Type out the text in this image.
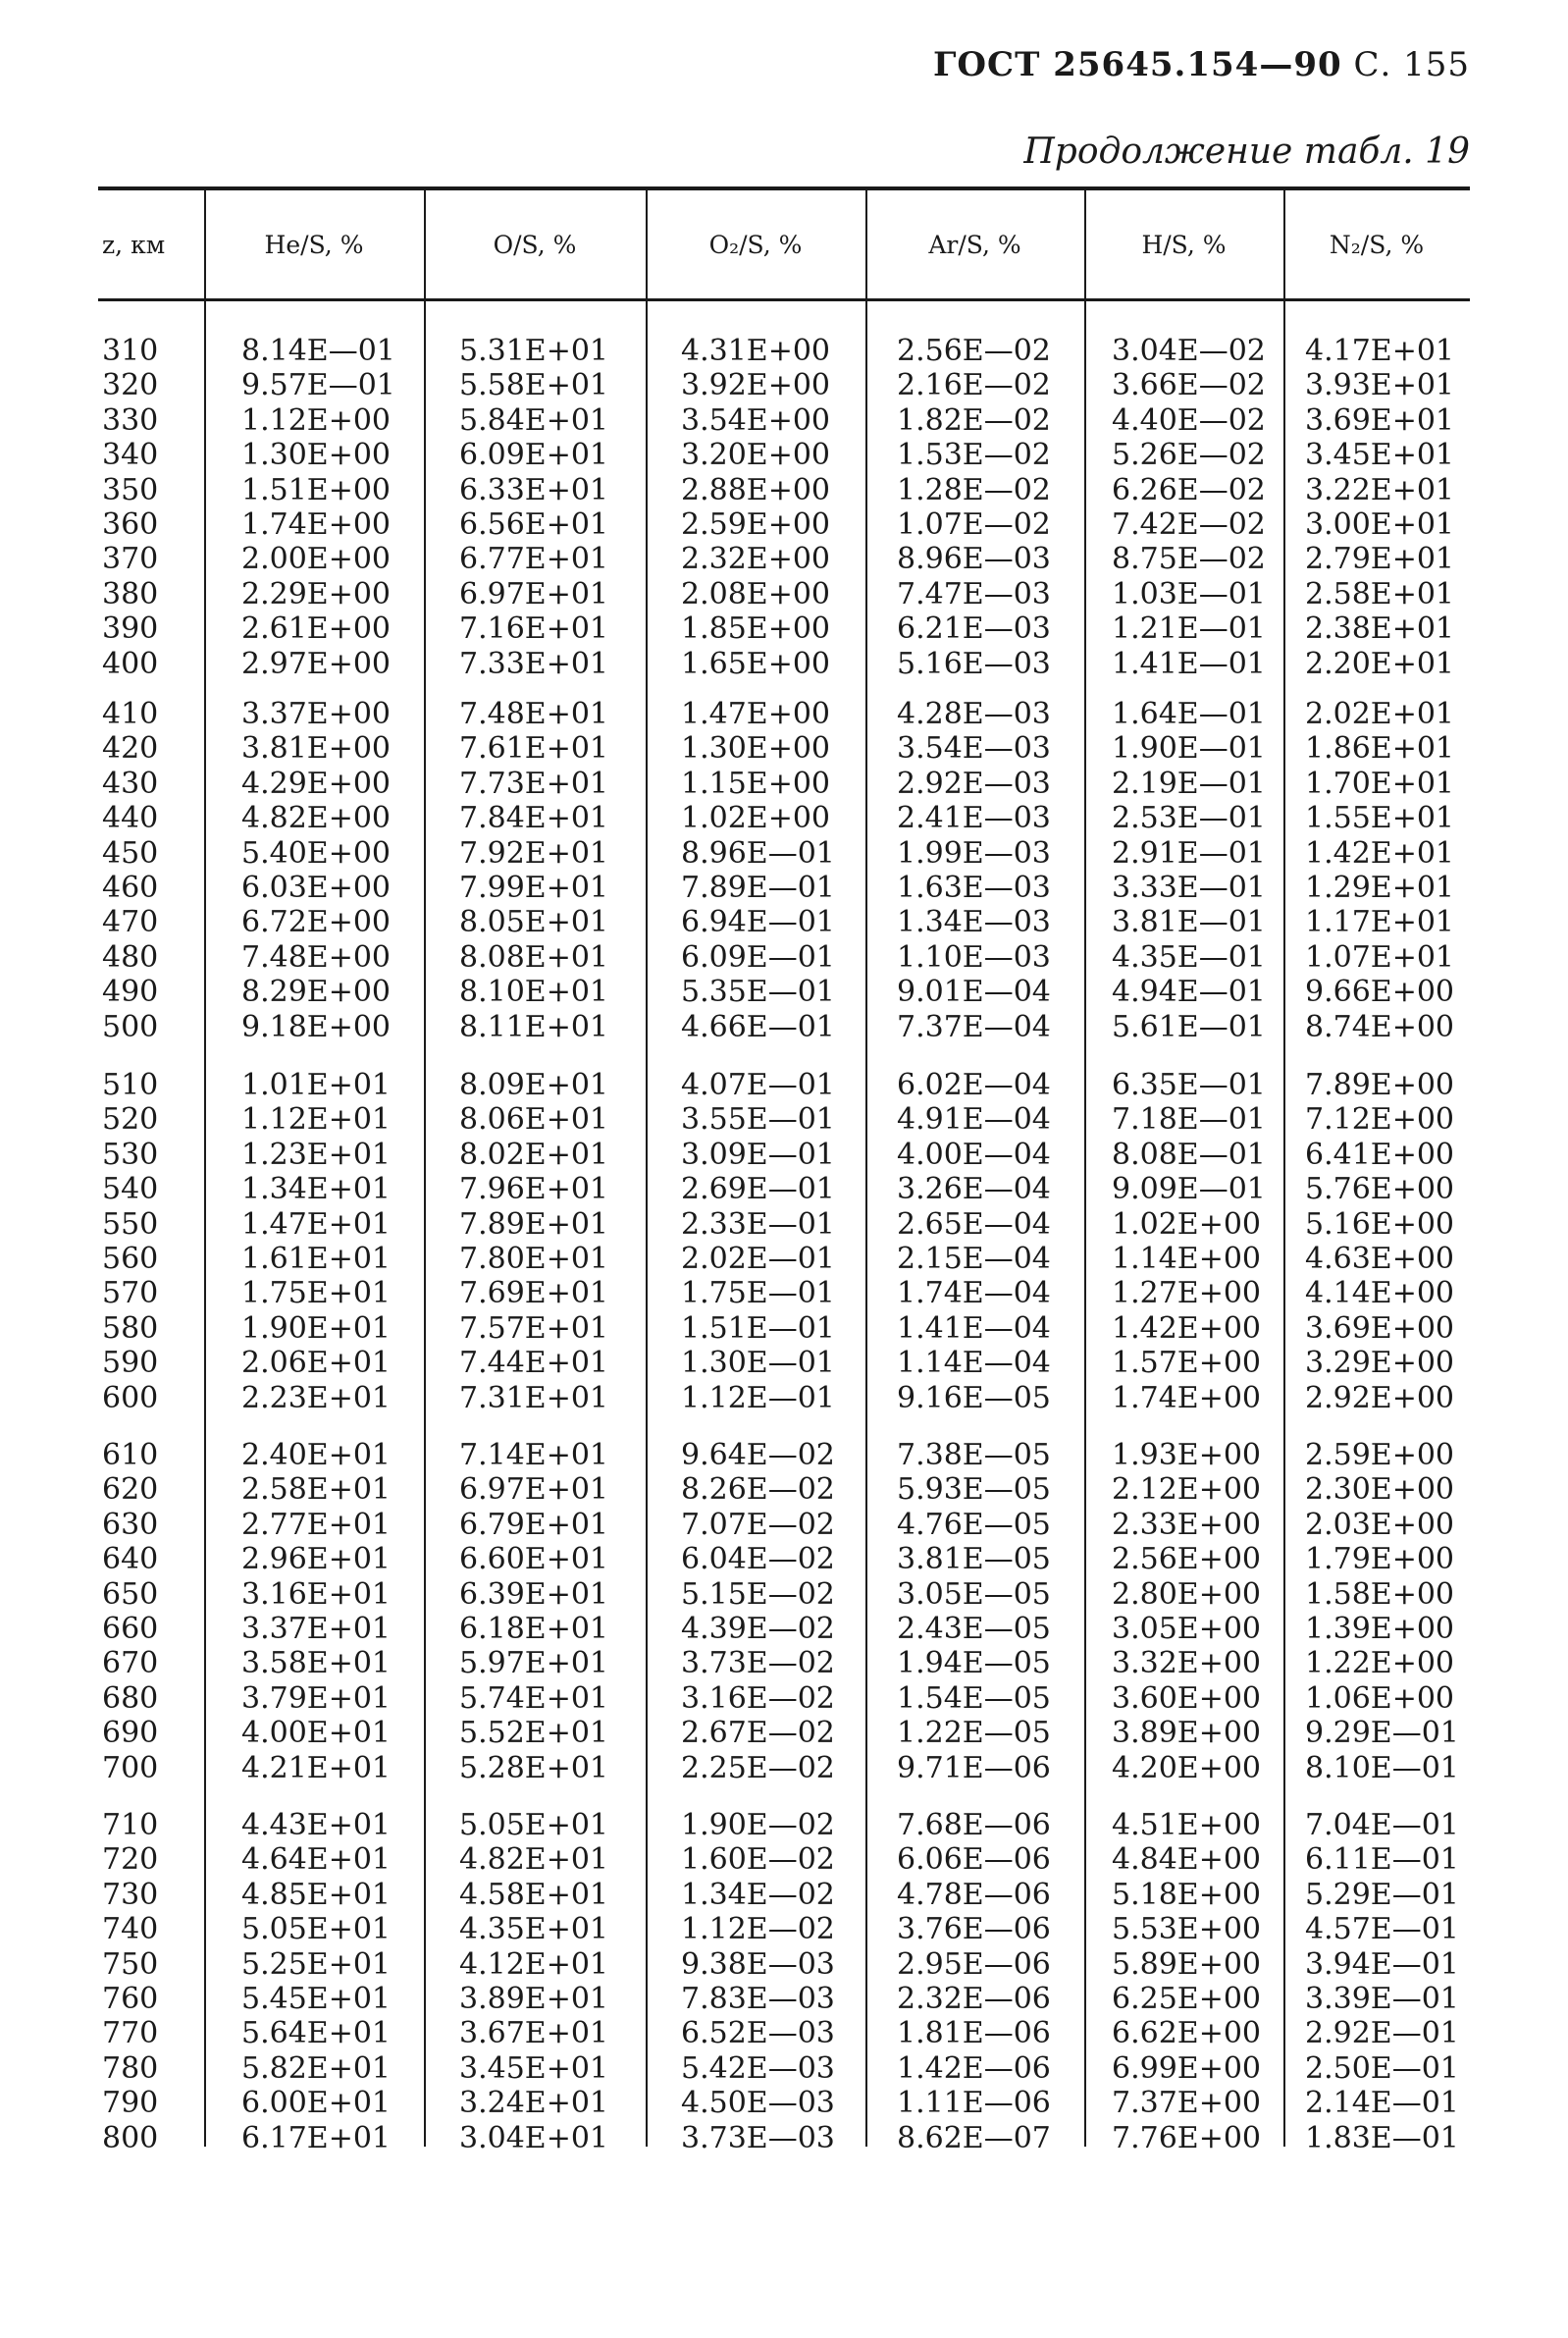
ГОСТ 25645.154—90 С. 155
Продолжение табл. 19
z, км	He/S, %	O/S, %	O₂/S, %	Ar/S, %	H/S, %	N₂/S, %
310	8.14E—01 5.31E+01 4.31E+00 2.56E—02 3.04E—02 4.17E+01
320	9.57E—01 5.58E+01 3.92E+00 2.16E—02 3.66E—02 3.93E+01
330	1.12E+00 5.84E+01 3.54E+00 1.82E—02 4.40E—02 3.69E+01
340	1.30E+00 6.09E+01 3.20E+00 1.53E—02 5.26E—02 3.45E+01
350	1.51E+00 6.33E+01 2.88E+00 1.28E—02 6.26E—02 3.22E+01
360	1.74E+00 6.56E+01 2.59E+00 1.07E—02 7.42E—02 3.00E+01
370	2.00E+00 6.77E+01 2.32E+00 8.96E—03 8.75E—02 2.79E+01
380	2.29E+00 6.97E+01 2.08E+00 7.47E—03 1.03E—01 2.58E+01
390	2.61E+00 7.16E+01 1.85E+00 6.21E—03 1.21E—01 2.38E+01
400	2.97E+00 7.33E+01 1.65E+00 5.16E—03 1.41E—01 2.20E+01
410	3.37E+00 7.48E+01 1.47E+00 4.28E—03 1.64E—01 2.02E+01
420	3.81E+00 7.61E+01 1.30E+00 3.54E—03 1.90E—01 1.86E+01
430	4.29E+00 7.73E+01 1.15E+00 2.92E—03 2.19E—01 1.70E+01
440	4.82E+00 7.84E+01 1.02E+00 2.41E—03 2.53E—01 1.55E+01
450	5.40E+00 7.92E+01 8.96E—01 1.99E—03 2.91E—01 1.42E+01
460	6.03E+00 7.99E+01 7.89E—01 1.63E—03 3.33E—01 1.29E+01
470	6.72E+00 8.05E+01 6.94E—01 1.34E—03 3.81E—01 1.17E+01
480	7.48E+00 8.08E+01 6.09E—01 1.10E—03 4.35E—01 1.07E+01
490	8.29E+00 8.10E+01 5.35E—01 9.01E—04 4.94E—01 9.66E+00
500	9.18E+00 8.11E+01 4.66E—01 7.37E—04 5.61E—01 8.74E+00
510	1.01E+01 8.09E+01 4.07E—01 6.02E—04 6.35E—01 7.89E+00
520	1.12E+01 8.06E+01 3.55E—01 4.91E—04 7.18E—01 7.12E+00
530	1.23E+01 8.02E+01 3.09E—01 4.00E—04 8.08E—01 6.41E+00
540	1.34E+01 7.96E+01 2.69E—01 3.26E—04 9.09E—01 5.76E+00
550	1.47E+01 7.89E+01 2.33E—01 2.65E—04 1.02E+00 5.16E+00
560	1.61E+01 7.80E+01 2.02E—01 2.15E—04 1.14E+00 4.63E+00
570	1.75E+01 7.69E+01 1.75E—01 1.74E—04 1.27E+00 4.14E+00
580	1.90E+01 7.57E+01 1.51E—01 1.41E—04 1.42E+00 3.69E+00
590	2.06E+01 7.44E+01 1.30E—01 1.14E—04 1.57E+00 3.29E+00
600	2.23E+01 7.31E+01 1.12E—01 9.16E—05 1.74E+00 2.92E+00
610	2.40E+01 7.14E+01 9.64E—02 7.38E—05 1.93E+00 2.59E+00
620	2.58E+01 6.97E+01 8.26E—02 5.93E—05 2.12E+00 2.30E+00
630	2.77E+01 6.79E+01 7.07E—02 4.76E—05 2.33E+00 2.03E+00
640	2.96E+01 6.60E+01 6.04E—02 3.81E—05 2.56E+00 1.79E+00
650	3.16E+01 6.39E+01 5.15E—02 3.05E—05 2.80E+00 1.58E+00
660	3.37E+01 6.18E+01 4.39E—02 2.43E—05 3.05E+00 1.39E+00
670	3.58E+01 5.97E+01 3.73E—02 1.94E—05 3.32E+00 1.22E+00
680	3.79E+01 5.74E+01 3.16E—02 1.54E—05 3.60E+00 1.06E+00
690	4.00E+01 5.52E+01 2.67E—02 1.22E—05 3.89E+00 9.29E—01
700	4.21E+01 5.28E+01 2.25E—02 9.71E—06 4.20E+00 8.10E—01
710	4.43E+01 5.05E+01 1.90E—02 7.68E—06 4.51E+00 7.04E—01
720	4.64E+01 4.82E+01 1.60E—02 6.06E—06 4.84E+00 6.11E—01
730	4.85E+01 4.58E+01 1.34E—02 4.78E—06 5.18E+00 5.29E—01
740	5.05E+01 4.35E+01 1.12E—02 3.76E—06 5.53E+00 4.57E—01
750	5.25E+01 4.12E+01 9.38E—03 2.95E—06 5.89E+00 3.94E—01
760	5.45E+01 3.89E+01 7.83E—03 2.32E—06 6.25E+00 3.39E—01
770	5.64E+01 3.67E+01 6.52E—03 1.81E—06 6.62E+00 2.92E—01
780	5.82E+01 3.45E+01 5.42E—03 1.42E—06 6.99E+00 2.50E—01
790	6.00E+01 3.24E+01 4.50E—03 1.11E—06 7.37E+00 2.14E—01
800	6.17E+01 3.04E+01 3.73E—03 8.62E—07 7.76E+00 1.83E—01
